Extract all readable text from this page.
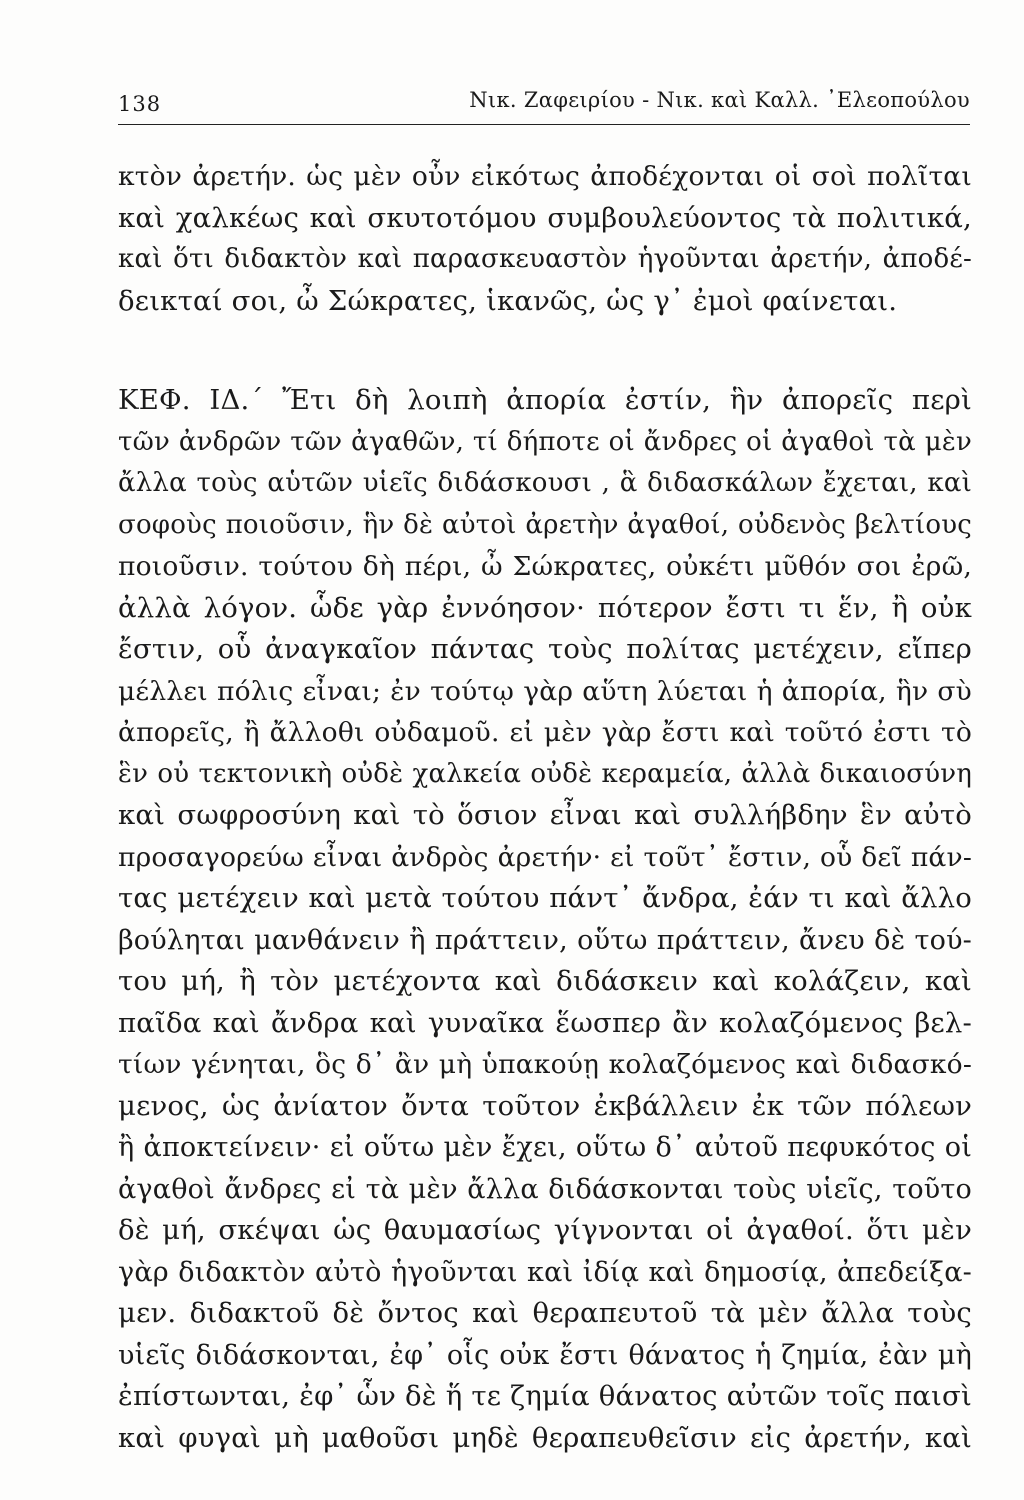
138	Νικ. Ζαφειρίου - Νικ. καὶ Καλλ. ᾿Ελεοπούλου
κτὸν ἀρετήν. ὡς μὲν οὖν εἰκότως ἀποδέχονται οἱ σοὶ πολῖται
καὶ χαλκέως καὶ σκυτοτόμου συμβουλεύοντος τὰ πολιτικά,
καὶ ὅτι διδακτὸν καὶ παρασκευαστὸν ἡγοῦνται ἀρετήν, ἀποδέ-
δεικταί σοι, ὦ Σώκρατες, ἱκανῶς, ὡς γ᾿ ἐμοὶ φαίνεται.
ΚΕΦ. ΙΔ.΄ Ἔτι δὴ λοιπὴ ἀπορία ἐστίν, ἣν ἀπορεῖς περὶ
τῶν ἀνδρῶν τῶν ἀγαθῶν, τί δήποτε οἱ ἄνδρες οἱ ἀγαθοὶ τὰ μὲν
ἄλλα τοὺς αὑτῶν υἱεῖς διδάσκουσι , ἃ διδασκάλων ἔχεται, καὶ
σοφοὺς ποιοῦσιν, ἣν δὲ αὐτοὶ ἀρετὴν ἀγαθοί, οὐδενὸς βελτίους
ποιοῦσιν. τούτου δὴ πέρι, ὦ Σώκρατες, οὐκέτι μῦθόν σοι ἐρῶ,
ἀλλὰ λόγον. ὧδε γὰρ ἐννόησον· πότερον ἔστι τι ἕν, ἢ οὐκ
ἔστιν, οὗ ἀναγκαῖον πάντας τοὺς πολίτας μετέχειν, εἴπερ
μέλλει πόλις εἶναι; ἐν τούτῳ γὰρ αὕτη λύεται ἡ ἀπορία, ἣν σὺ
ἀπορεῖς, ἢ ἄλλοθι οὐδαμοῦ. εἰ μὲν γὰρ ἔστι καὶ τοῦτό ἐστι τὸ
ἓν οὐ τεκτονικὴ οὐδὲ χαλκεία οὐδὲ κεραμεία, ἀλλὰ δικαιοσύνη
καὶ σωφροσύνη καὶ τὸ ὅσιον εἶναι καὶ συλλήβδην ἓν αὐτὸ
προσαγορεύω εἶναι ἀνδρὸς ἀρετήν· εἰ τοῦτ᾿ ἔστιν, οὗ δεῖ πάν-
τας μετέχειν καὶ μετὰ τούτου πάντ᾿ ἄνδρα, ἐάν τι καὶ ἄλλο
βούληται μανθάνειν ἢ πράττειν, οὕτω πράττειν, ἄνευ δὲ τού-
του μή, ἢ τὸν μετέχοντα καὶ διδάσκειν καὶ κολάζειν, καὶ
παῖδα καὶ ἄνδρα καὶ γυναῖκα ἕωσπερ ἂν κολαζόμενος βελ-
τίων γένηται, ὃς δ᾿ ἂν μὴ ὑπακούῃ κολαζόμενος καὶ διδασκό-
μενος, ὡς ἀνίατον ὄντα τοῦτον ἐκβάλλειν ἐκ τῶν πόλεων
ἢ ἀποκτείνειν· εἰ οὕτω μὲν ἔχει, οὕτω δ᾿ αὐτοῦ πεφυκότος οἱ
ἀγαθοὶ ἄνδρες εἰ τὰ μὲν ἄλλα διδάσκονται τοὺς υἱεῖς, τοῦτο
δὲ μή, σκέψαι ὡς θαυμασίως γίγνονται οἱ ἀγαθοί. ὅτι μὲν
γὰρ διδακτὸν αὐτὸ ἡγοῦνται καὶ ἰδίᾳ καὶ δημοσίᾳ, ἀπεδείξα-
μεν. διδακτοῦ δὲ ὄντος καὶ θεραπευτοῦ τὰ μὲν ἄλλα τοὺς
υἱεῖς διδάσκονται, ἐφ᾿ οἷς οὐκ ἔστι θάνατος ἡ ζημία, ἐὰν μὴ
ἐπίστωνται, ἐφ᾿ ὧν δὲ ἥ τε ζημία θάνατος αὐτῶν τοῖς παισὶ
καὶ φυγαὶ μὴ μαθοῦσι μηδὲ θεραπευθεῖσιν εἰς ἀρετήν, καὶ
